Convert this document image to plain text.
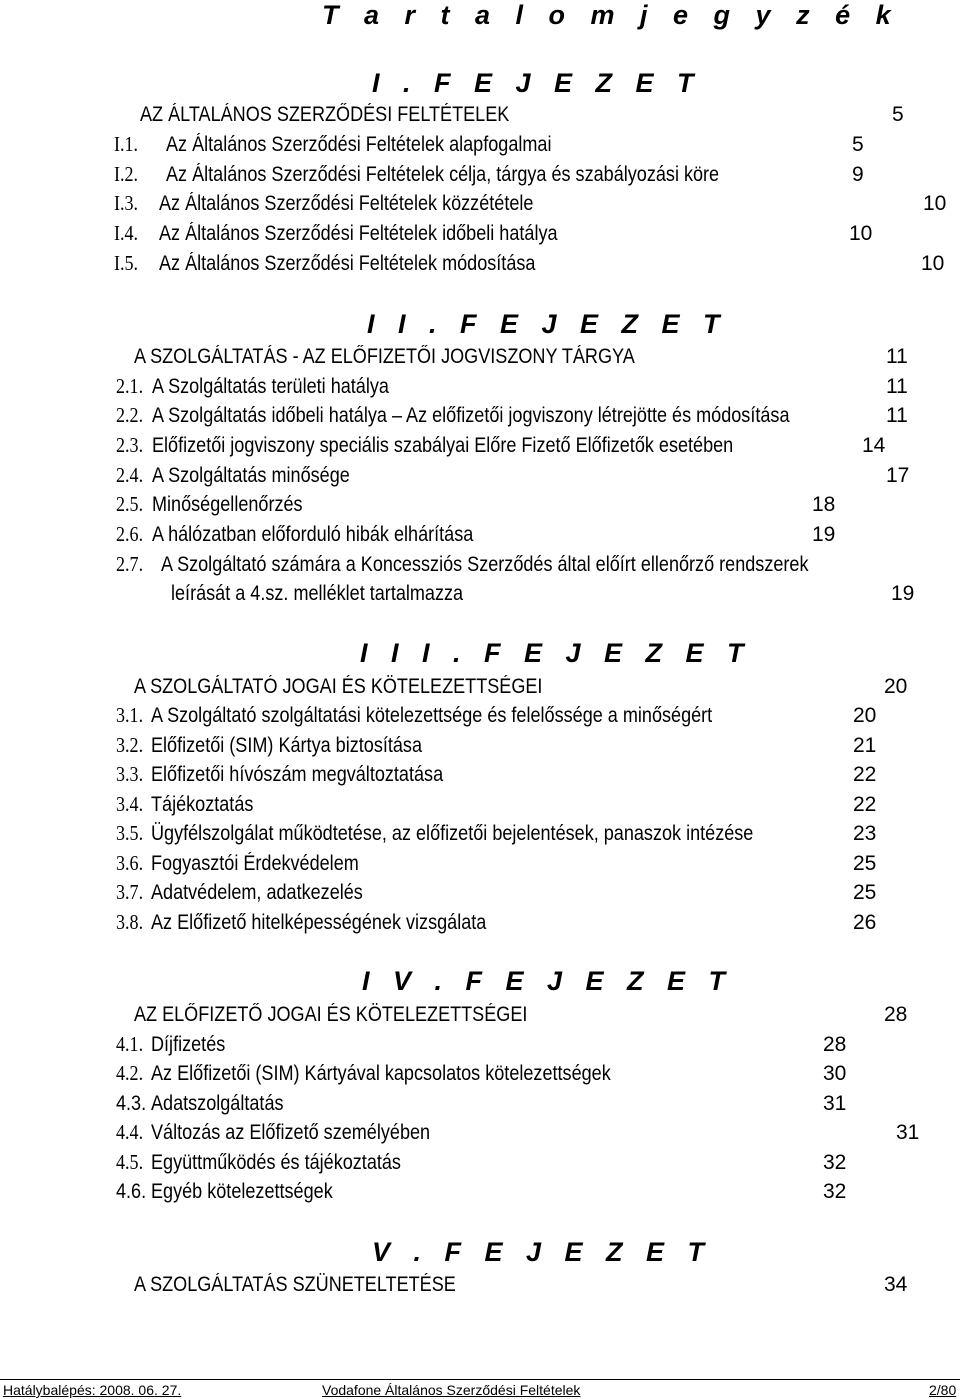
T a r t a l o m j e g y z é k
I . F E J E Z E T
AZ ÁLTALÁNOS SZERZŐDÉSI FELTÉTELEK	5
I.1. Az Általános Szerződési Feltételek alapfogalmai	5
I.2. Az Általános Szerződési Feltételek célja, tárgya és szabályozási köre	9
I.3. Az Általános Szerződési Feltételek közzététele	10
I.4. Az Általános Szerződési Feltételek időbeli hatálya	10
I.5. Az Általános Szerződési Feltételek módosítása	10
I I . F E J E Z E T
A SZOLGÁLTATÁS - AZ ELŐFIZETŐI JOGVISZONY TÁRGYA	11
2.1. A Szolgáltatás területi hatálya	11
2.2. A Szolgáltatás időbeli hatálya – Az előfizetői jogviszony létrejötte és módosítása	11
2.3. Előfizetői jogviszony speciális szabályai Előre Fizető Előfizetők esetében	14
2.4. A Szolgáltatás minősége	17
2.5. Minőségellenőrzés	18
2.6. A hálózatban előforduló hibák elhárítása	19
2.7. A Szolgáltató számára a Koncessziós Szerződés által előírt ellenőrző rendszerek
leírását a 4.sz. melléklet tartalmazza	19
I I I . F E J E Z E T
A SZOLGÁLTATÓ JOGAI ÉS KÖTELEZETTSÉGEI	20
3.1. A Szolgáltató szolgáltatási kötelezettsége és felelőssége a minőségért	20
3.2. Előfizetői (SIM) Kártya biztosítása	21
3.3. Előfizetői hívószám megváltoztatása	22
3.4. Tájékoztatás	22
3.5. Ügyfélszolgálat működtetése, az előfizetői bejelentések, panaszok intézése	23
3.6. Fogyasztói Érdekvédelem	25
3.7. Adatvédelem, adatkezelés	25
3.8. Az Előfizető hitelképességének vizsgálata	26
I V . F E J E Z E T
AZ ELŐFIZETŐ JOGAI ÉS KÖTELEZETTSÉGEI	28
4.1. Díjfizetés	28
4.2. Az Előfizetői (SIM) Kártyával kapcsolatos kötelezettségek	30
4.3. Adatszolgáltatás	31
4.4. Változás az Előfizető személyében	31
4.5. Együttműködés és tájékoztatás	32
4.6. Egyéb kötelezettségek	32
V . F E J E Z E T
A SZOLGÁLTATÁS SZÜNETELTETÉSE	34
Hatálybalépés: 2008. 06. 27.	Vodafone Általános Szerződési Feltételek	2/80
